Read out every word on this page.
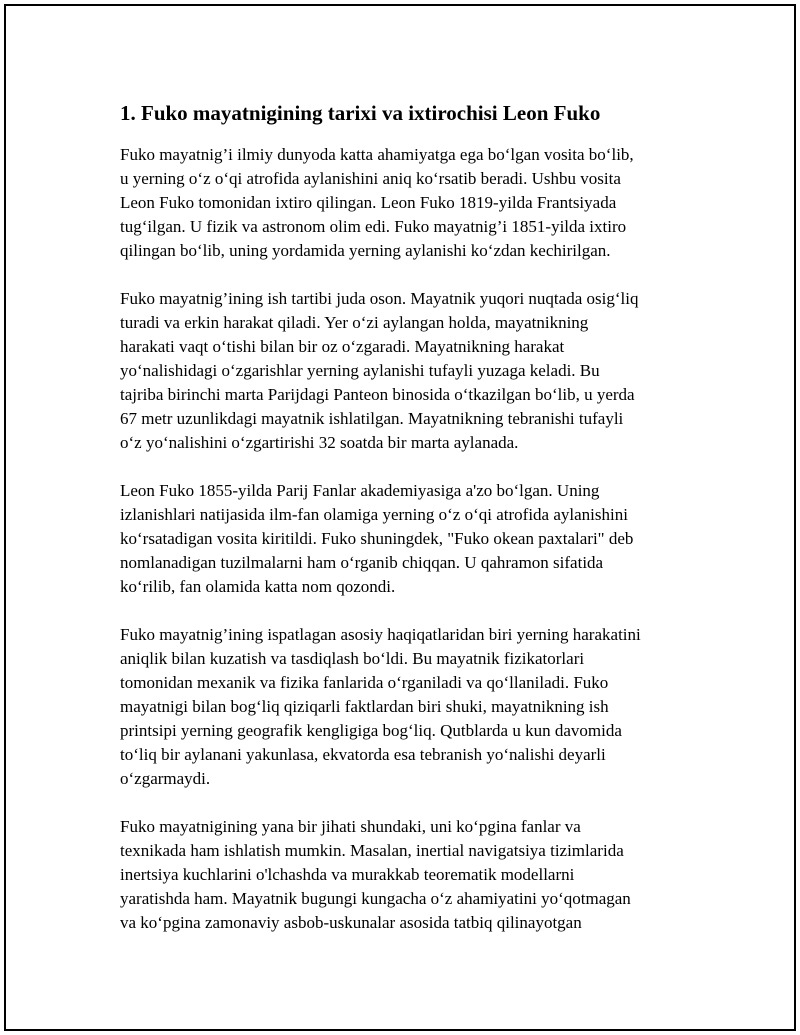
1. Fuko mayatnigining tarixi va ixtirochisi Leon Fuko

Fuko mayatnig’i ilmiy dunyoda katta ahamiyatga ega bo‘lgan vosita bo‘lib,
u yerning o‘z o‘qi atrofida aylanishini aniq ko‘rsatib beradi. Ushbu vosita
Leon Fuko tomonidan ixtiro qilingan. Leon Fuko 1819-yilda Frantsiyada
tug‘ilgan. U fizik va astronom olim edi. Fuko mayatnig’i 1851-yilda ixtiro
qilingan bo‘lib, uning yordamida yerning aylanishi ko‘zdan kechirilgan.

Fuko mayatnig’ining ish tartibi juda oson. Mayatnik yuqori nuqtada osig‘liq
turadi va erkin harakat qiladi. Yer o‘zi aylangan holda, mayatnikning
harakati vaqt o‘tishi bilan bir oz o‘zgaradi. Mayatnikning harakat
yo‘nalishidagi o‘zgarishlar yerning aylanishi tufayli yuzaga keladi. Bu
tajriba birinchi marta Parijdagi Panteon binosida o‘tkazilgan bo‘lib, u yerda
67 metr uzunlikdagi mayatnik ishlatilgan. Mayatnikning tebranishi tufayli
o‘z yo‘nalishini o‘zgartirishi 32 soatda bir marta aylanada.

Leon Fuko 1855-yilda Parij Fanlar akademiyasiga a'zo bo‘lgan. Uning
izlanishlari natijasida ilm-fan olamiga yerning o‘z o‘qi atrofida aylanishini
ko‘rsatadigan vosita kiritildi. Fuko shuningdek, "Fuko okean paxtalari" deb
nomlanadigan tuzilmalarni ham o‘rganib chiqqan. U qahramon sifatida
ko‘rilib, fan olamida katta nom qozondi.

Fuko mayatnig’ining ispatlagan asosiy haqiqatlaridan biri yerning harakatini
aniqlik bilan kuzatish va tasdiqlash bo‘ldi. Bu mayatnik fizikatorlari
tomonidan mexanik va fizika fanlarida o‘rganiladi va qo‘llaniladi. Fuko
mayatnigi bilan bog‘liq qiziqarli faktlardan biri shuki, mayatnikning ish
printsipi yerning geografik kengligiga bog‘liq. Qutblarda u kun davomida
to‘liq bir aylanani yakunlasa, ekvatorda esa tebranish yo‘nalishi deyarli
o‘zgarmaydi.

Fuko mayatnigining yana bir jihati shundaki, uni ko‘pgina fanlar va
texnikada ham ishlatish mumkin. Masalan, inertial navigatsiya tizimlarida
inertsiya kuchlarini o'lchashda va murakkab teorematik modellarni
yaratishda ham. Mayatnik bugungi kungacha o‘z ahamiyatini yo‘qotmagan
va ko‘pgina zamonaviy asbob-uskunalar asosida tatbiq qilinayotgan
